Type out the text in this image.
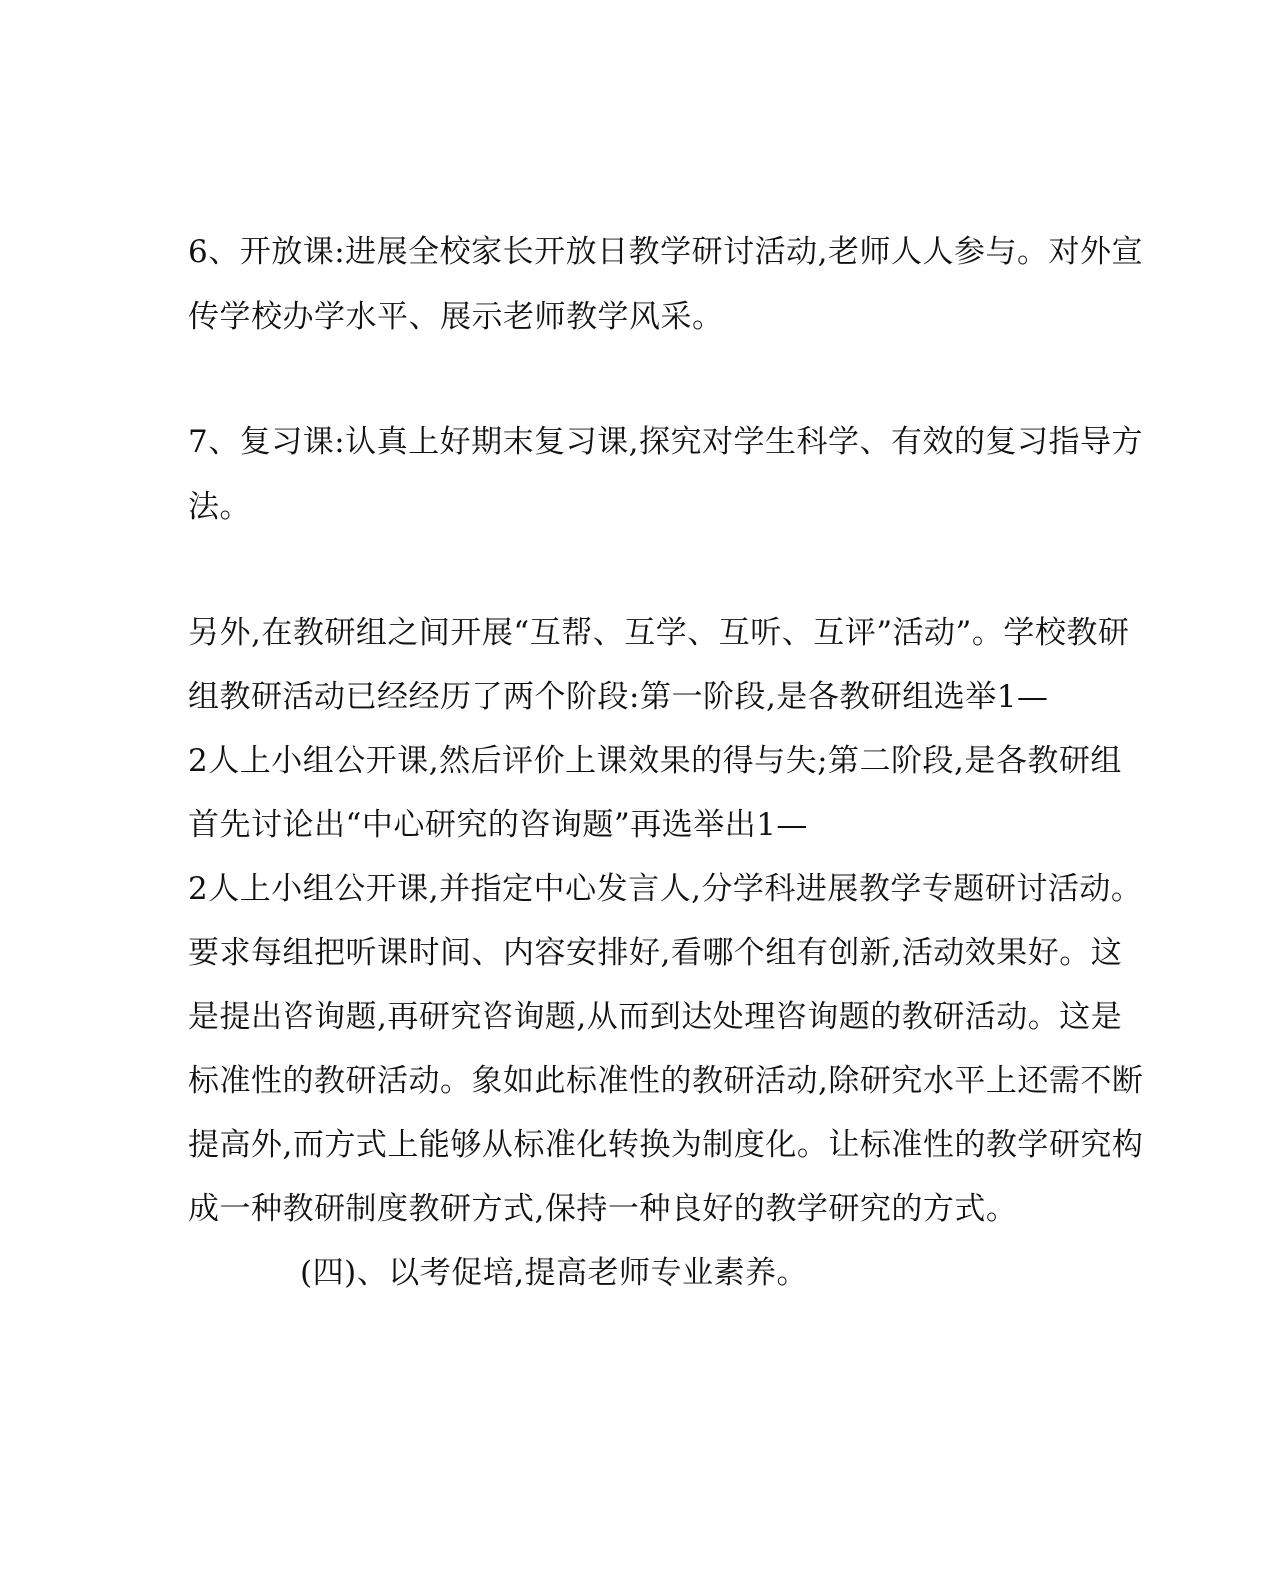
6、开放课:进展全校家长开放日教学研讨活动,老师人人参与。对外宣
传学校办学水平、展示老师教学风采。
7、复习课:认真上好期末复习课,探究对学生科学、有效的复习指导方
法。
另外,在教研组之间开展“互帮、互学、互听、互评”活动”。学校教研
组教研活动已经经历了两个阶段:第一阶段,是各教研组选举1—
2人上小组公开课,然后评价上课效果的得与失;第二阶段,是各教研组
首先讨论出“中心研究的咨询题”再选举出1—
2人上小组公开课,并指定中心发言人,分学科进展教学专题研讨活动。
要求每组把听课时间、内容安排好,看哪个组有创新,活动效果好。这
是提出咨询题,再研究咨询题,从而到达处理咨询题的教研活动。这是
标准性的教研活动。象如此标准性的教研活动,除研究水平上还需不断
提高外,而方式上能够从标准化转换为制度化。让标准性的教学研究构
成一种教研制度教研方式,保持一种良好的教学研究的方式。
(四)、以考促培,提高老师专业素养。
